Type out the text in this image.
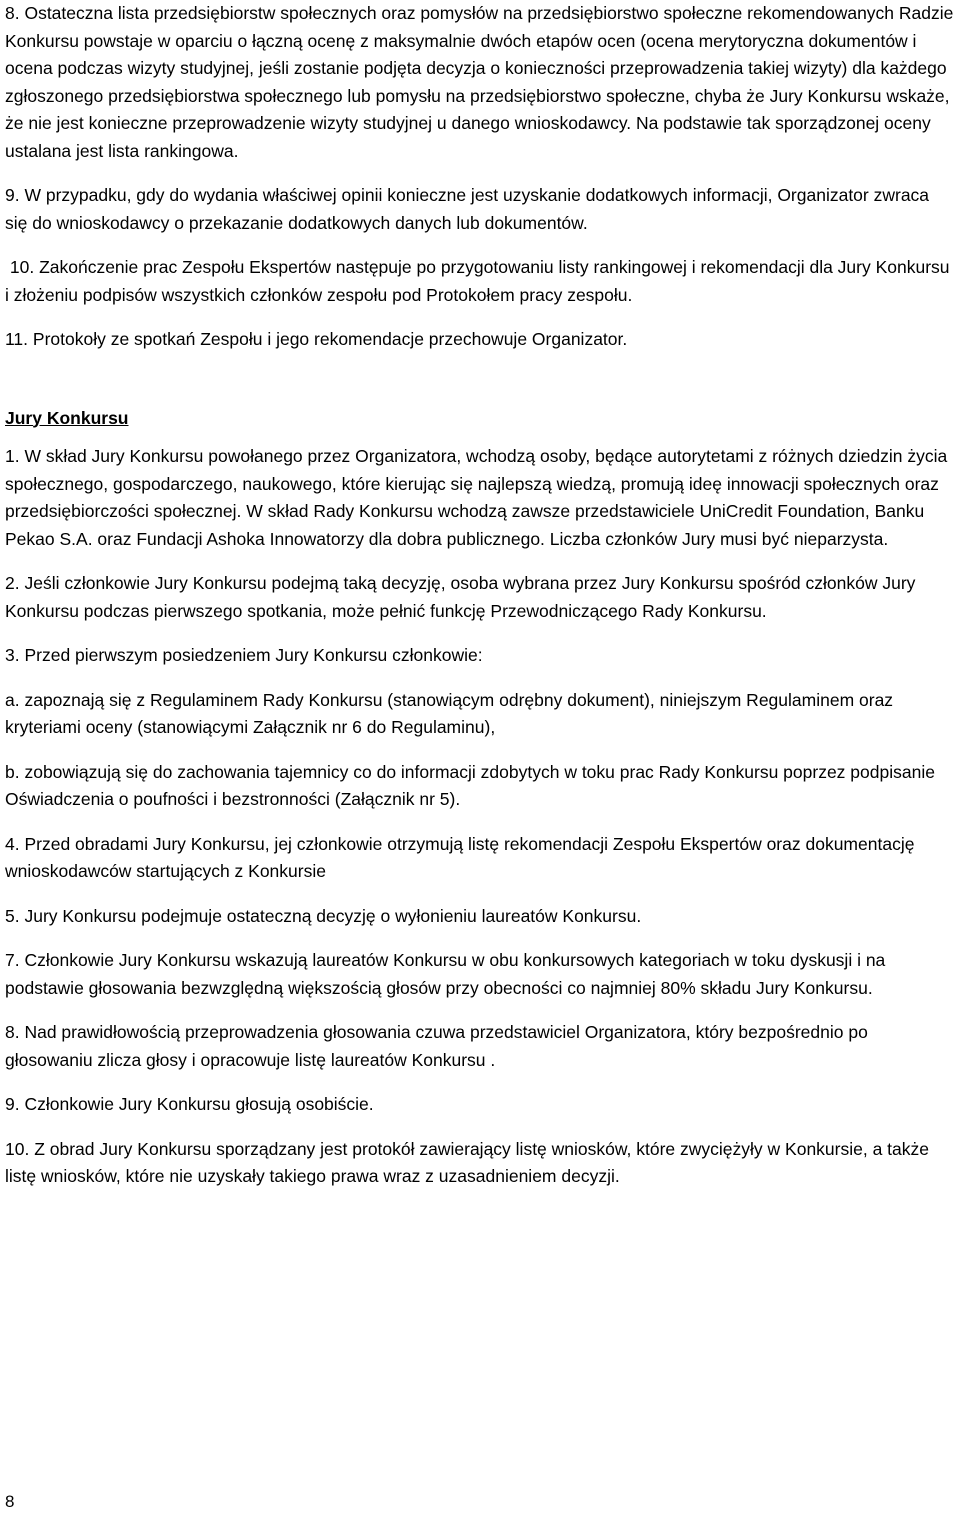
8. Ostateczna lista przedsiębiorstw społecznych oraz pomysłów na przedsiębiorstwo społeczne rekomendowanych Radzie Konkursu powstaje w oparciu o łączną ocenę z maksymalnie dwóch etapów ocen (ocena merytoryczna dokumentów i ocena podczas wizyty studyjnej, jeśli zostanie podjęta decyzja o konieczności przeprowadzenia takiej wizyty) dla każdego zgłoszonego przedsiębiorstwa społecznego lub pomysłu na przedsiębiorstwo społeczne, chyba że Jury Konkursu wskaże, że nie jest konieczne przeprowadzenie wizyty studyjnej u danego wnioskodawcy. Na podstawie tak sporządzonej oceny ustalana jest lista rankingowa.

9. W przypadku, gdy do wydania właściwej opinii konieczne jest uzyskanie dodatkowych informacji, Organizator zwraca się do wnioskodawcy o przekazanie dodatkowych danych lub dokumentów.

10. Zakończenie prac Zespołu Ekspertów następuje po przygotowaniu listy rankingowej i rekomendacji dla Jury Konkursu i złożeniu podpisów wszystkich członków zespołu pod Protokołem pracy zespołu.

11. Protokoły ze spotkań Zespołu i jego rekomendacje przechowuje Organizator.

Jury Konkursu

1. W skład Jury Konkursu powołanego przez Organizatora, wchodzą osoby, będące autorytetami z różnych dziedzin życia społecznego, gospodarczego, naukowego, które kierując się najlepszą wiedzą, promują ideę innowacji społecznych oraz przedsiębiorczości społecznej. W skład Rady Konkursu wchodzą zawsze przedstawiciele UniCredit Foundation, Banku Pekao S.A. oraz Fundacji Ashoka Innowatorzy dla dobra publicznego. Liczba członków Jury musi być nieparzysta.

2. Jeśli członkowie Jury Konkursu podejmą taką decyzję, osoba wybrana przez Jury Konkursu spośród członków Jury Konkursu podczas pierwszego spotkania, może pełnić funkcję Przewodniczącego Rady Konkursu.

3. Przed pierwszym posiedzeniem Jury Konkursu członkowie:

a. zapoznają się z Regulaminem Rady Konkursu (stanowiącym odrębny dokument), niniejszym Regulaminem oraz kryteriami oceny (stanowiącymi Załącznik nr 6 do Regulaminu),

b. zobowiązują się do zachowania tajemnicy co do informacji zdobytych w toku prac Rady Konkursu poprzez podpisanie Oświadczenia o poufności i bezstronności (Załącznik nr 5).

4. Przed obradami Jury Konkursu, jej członkowie otrzymują listę rekomendacji Zespołu Ekspertów oraz dokumentację wnioskodawców startujących z Konkursie

5. Jury Konkursu podejmuje ostateczną decyzję o wyłonieniu laureatów Konkursu.

7. Członkowie Jury Konkursu wskazują laureatów Konkursu w obu konkursowych kategoriach w toku dyskusji i na podstawie głosowania bezwzględną większością głosów przy obecności co najmniej 80% składu Jury Konkursu.

8. Nad prawidłowością przeprowadzenia głosowania czuwa przedstawiciel Organizatora, który bezpośrednio po głosowaniu zlicza głosy i opracowuje listę laureatów Konkursu .

9. Członkowie Jury Konkursu głosują osobiście.

10. Z obrad Jury Konkursu sporządzany jest protokół zawierający listę wniosków, które zwyciężyły w Konkursie, a także listę wniosków, które nie uzyskały takiego prawa wraz z uzasadnieniem decyzji.

8
